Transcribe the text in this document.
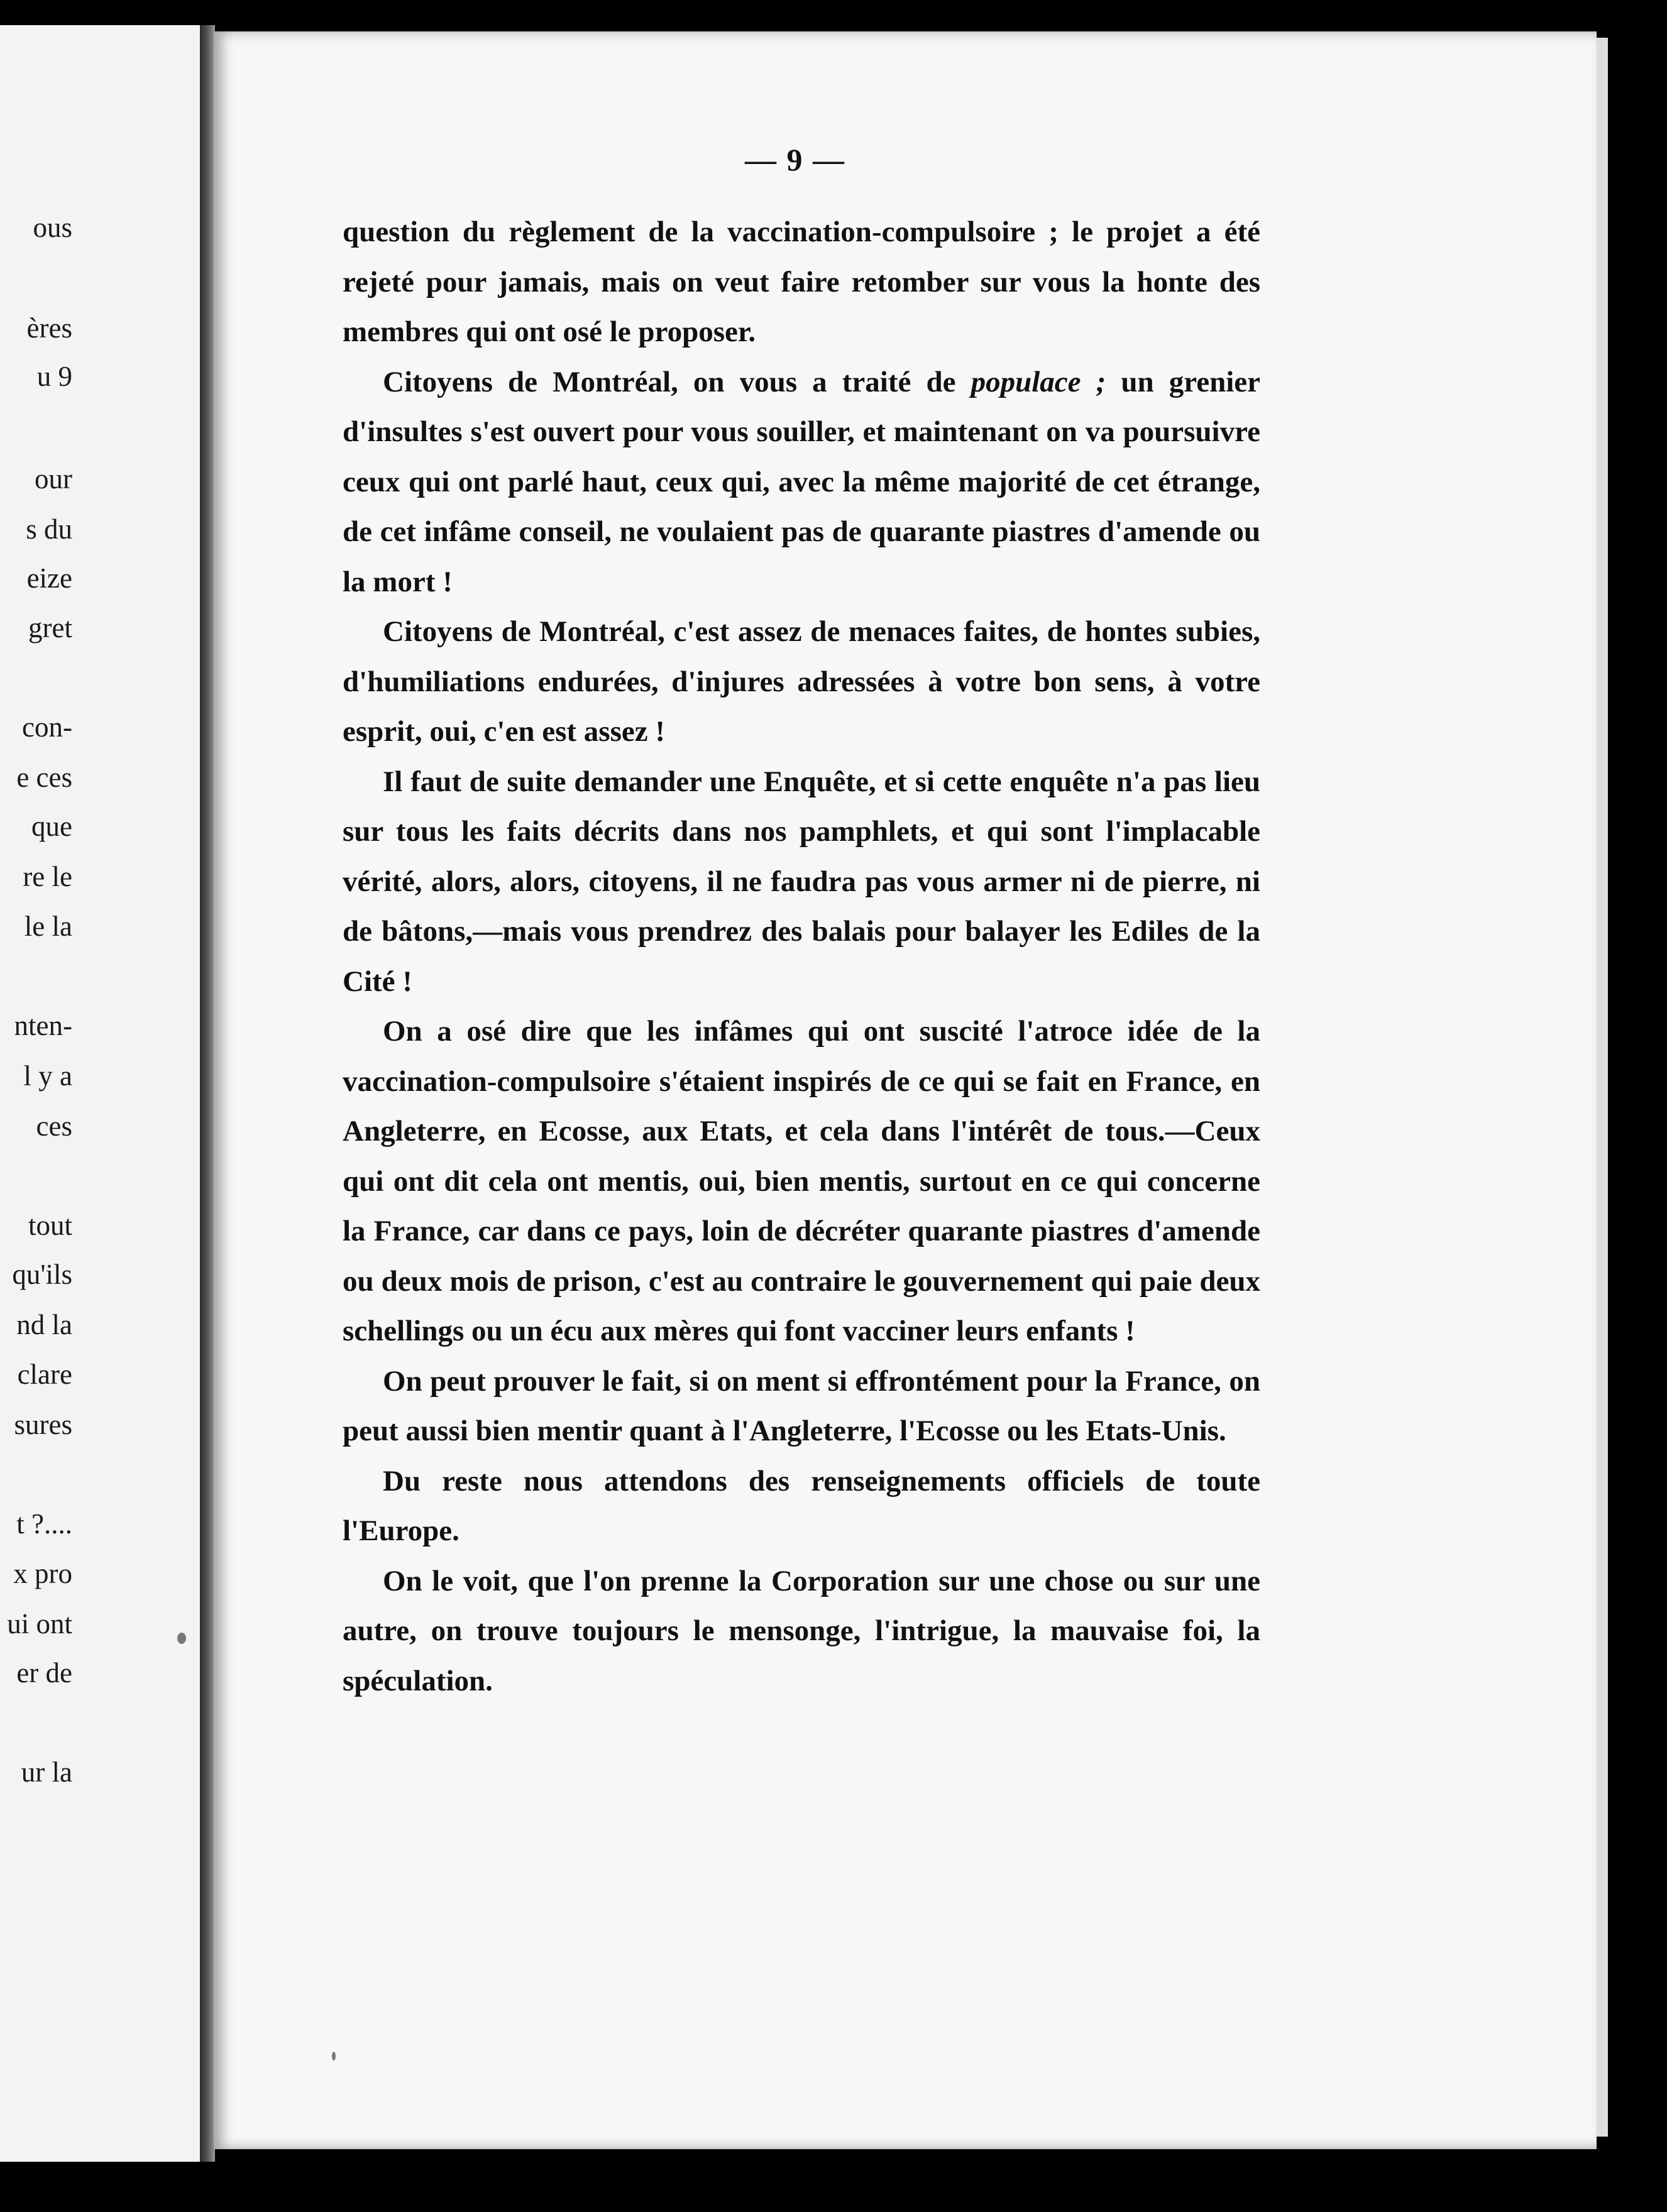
ous
ères
u 9
our
s du
eize
gret
con-
e ces
que
re le
le la
nten-
l y a
ces
tout
qu'ils
nd la
clare
sures
t ?....
x pro
ui ont
er de
ur la
— 9 —

question du règlement de la vaccination-compulsoire ; le projet a été rejeté pour jamais, mais on veut faire retomber sur vous la honte des membres qui ont osé le proposer.

Citoyens de Montréal, on vous a traité de populace ; un grenier d'insultes s'est ouvert pour vous souiller, et maintenant on va poursuivre ceux qui ont parlé haut, ceux qui, avec la même majorité de cet étrange, de cet infâme conseil, ne voulaient pas de quarante piastres d'amende ou la mort !

Citoyens de Montréal, c'est assez de menaces faites, de hontes subies, d'humiliations endurées, d'injures adressées à votre bon sens, à votre esprit, oui, c'en est assez !

Il faut de suite demander une Enquête, et si cette enquête n'a pas lieu sur tous les faits décrits dans nos pamphlets, et qui sont l'implacable vérité, alors, alors, citoyens, il ne faudra pas vous armer ni de pierre, ni de bâtons,—mais vous prendrez des balais pour balayer les Ediles de la Cité !

On a osé dire que les infâmes qui ont suscité l'atroce idée de la vaccination-compulsoire s'étaient inspirés de ce qui se fait en France, en Angleterre, en Ecosse, aux Etats, et cela dans l'intérêt de tous.—Ceux qui ont dit cela ont mentis, oui, bien mentis, surtout en ce qui concerne la France, car dans ce pays, loin de décréter quarante piastres d'amende ou deux mois de prison, c'est au contraire le gouvernement qui paie deux schellings ou un écu aux mères qui font vacciner leurs enfants !

On peut prouver le fait, si on ment si effrontément pour la France, on peut aussi bien mentir quant à l'Angleterre, l'Ecosse ou les Etats-Unis.

Du reste nous attendons des renseignements officiels de toute l'Europe.

On le voit, que l'on prenne la Corporation sur une chose ou sur une autre, on trouve toujours le mensonge, l'intrigue, la mauvaise foi, la spéculation.
